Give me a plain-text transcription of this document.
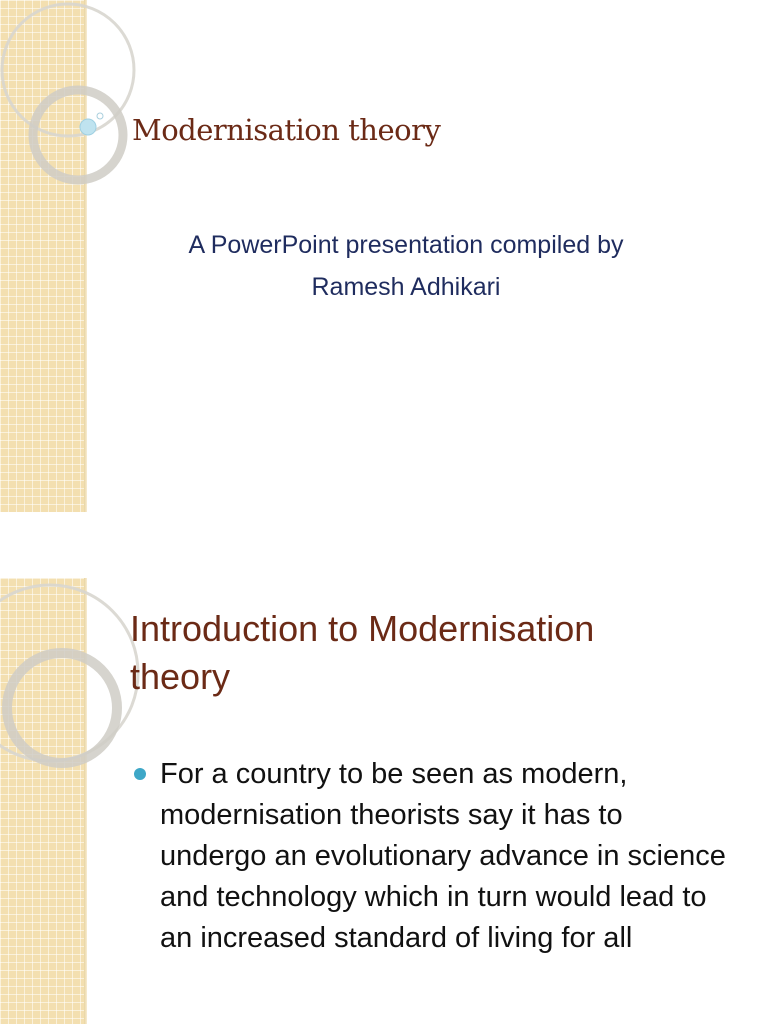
Modernisation theory
A PowerPoint presentation compiled by
Ramesh Adhikari
Introduction to Modernisation
theory
For a country to be seen as modern, modernisation theorists say it has to undergo an evolutionary advance in science and technology which in turn would lead to an increased standard of living for all
